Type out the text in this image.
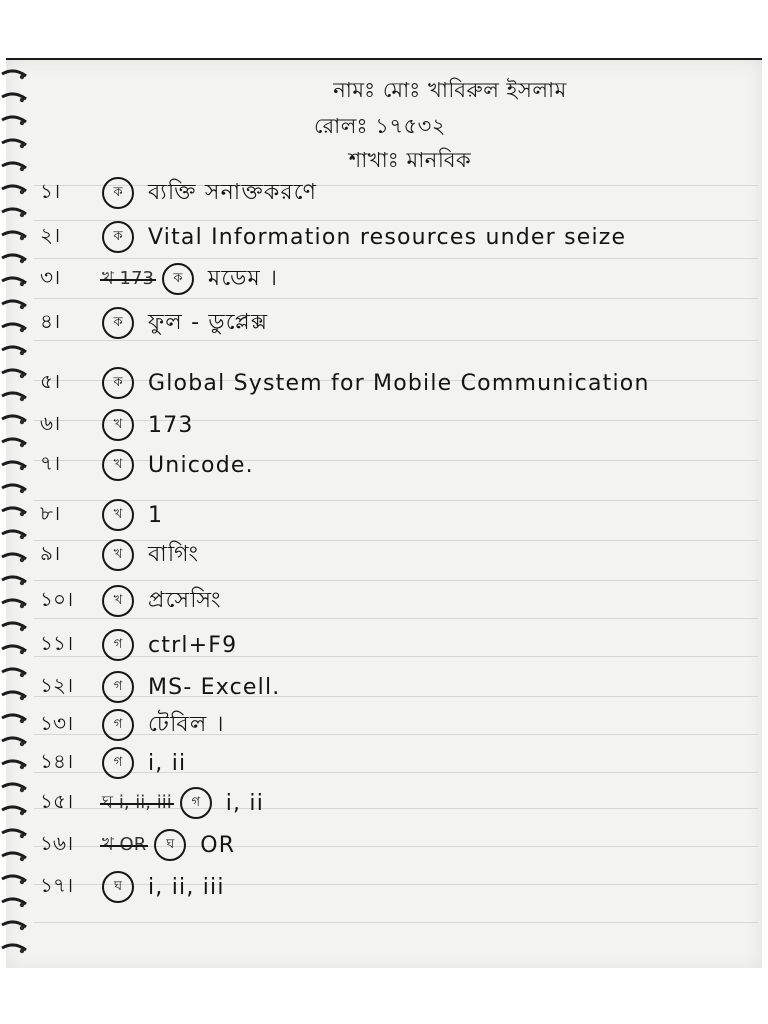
নামঃ মোঃ খাবিরুল ইসলাম
রোলঃ ১৭৫৩২
শাখাঃ মানবিক
১।	ক	ব্যক্তি সনাক্তকরণে
২।	ক	Vital Information resources under seize
৩।	খ 173	ক	মডেম ।
৪।	ক	ফুল - ডুপ্লেক্স
৫।	ক	Global System for Mobile Communication
৬।	খ	173
৭।	খ	Unicode.
৮।	খ	1
৯।	খ	বাগিং
১০।	খ	প্রসেসিং
১১।	গ	ctrl+F9
১২।	গ	MS- Excell.
১৩।	গ	টেবিল ।
১৪।	গ	i, ii
১৫।	ঘ i, ii, iii	গ	i, ii
১৬।	খ OR	ঘ	OR
১৭।	ঘ	i, ii, iii
